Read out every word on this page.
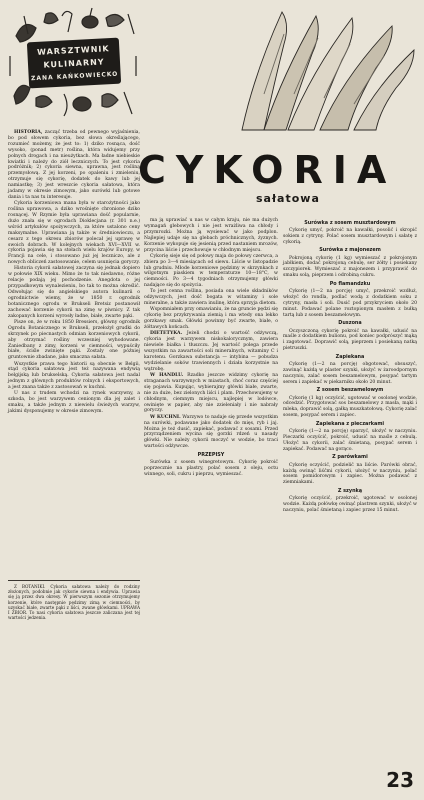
WARSZTWNIK
KULINARNY
ZANA KAŃKOWIECKO
CYKORIA
sałatowa

HISTORIA, zacząć trzeba od pewnego wyjaśnienia, bo pod słowem cykoria, bez słowa określającego, rozumieć możemy, że jest to: 1) dziko rosnąca, dość wysoko, (ponad metr) roślina, która widujemy przy polnych drogach i na nieużytkach. Ma ładne niebieskie kwiatki i należy do ziół leczniczych. To jest cykoria podróżnik; 2) cykoria siewna, uprawna, jest rośliną przemysłową. Z jej korzeni, po opaleniu i zmieleniu, otrzymuje się cykorię, dodatek do kawy lub jej namiastkę; 3) jest wreszcie cykoria sałatowa, która jadamy w okresie zimowym, jako surówki lub gotowe dania i ta nas tu interesuje.

Cykoria korzeniowa mana była w starożytności jako roślina uprawowa, a dziko wrośnięte chronione dziko rosnącej. W Rzymie była uprawiana dość popularnie, dużo znała się w ogrodach Dioklecjana (r. 301 n.e.) wśród artykułów spożywczych, za które ustalono ceny maksymalne. Uprawiana ją także w średniowieczu, a cesarz z tego okresu zbiorów polecał jej uprawę w swoich dobrach. W kolejnych wiekach XVI—XVII w. cykoria pojawia się na stołach wielu krajów Europy, w Francji na cele, i stosowano już jej leczniczo, ale z nowych obliczeń zastosowanie, celem usunięcia goryczy.

Historia cykorii sałatowej zaczyna się jednak dopiero w połowie XIX wieku. Mimo że to tak niedawno, różne relacje podają jej pochodzenie. Anegdota o jej przypadkowym wynalezieniu, bo tak to można określić. Odwołując się do angielskiego autora kulinarii o ogrodnictwie wiemy, że w 1850 r. ogrodnik botanicznego ogrodu w Brukseli Bretsiz postanowił zachować korzenie cykorii na zimę w piwnicy. Z tak zakopanych korzeni wyrosły ładne, białe, zwarte pąki.

Pisze on, że w roku 1850 Bressiers, główny ogrodnik Ogrodu Botanicznego w Brukseli, przełożył grudki do skrzynek po piecnastych odmian korzeniowych cykorii, aby otrzymać rośliny wczesniej wyhodowane. Zaniedbany z zimy, korzeni w ciemności, wypuściły białe, ściśle zwinięte pąki. Zostaly one później gruntownie zbadane, jako smaczna sałata.

Wszystkie prawa tego historii są obecnie w Belgii, stąd cykoria sałatowa jest też nazywana endywią belgijską lub brukselską. Cykoria sałatowa jest nadal jednym z głównych produktów rolnych i eksportowych, a jest znana także z zastosowań w kuchni.

U nas z trudem wchodzi na rynek warzywny, a szkoda, bo jest warzywem cenionym dla jej zalet i smaku, a także jednym z niewielu świeżych warzyw, jakimi dysponujemy w okresie zimowym.

Z BOTANIKI. Cykoria sałatowa należy do rodziny złożonych, podobnie jak cykorie siewna i endywia. Uprawia się ją przez dwa okresy. W pierwszym sezonie otrzymujemy korzenie, które następnie pędzimy zimą w ciemności, by uzyskać białe, zwarte pąki z liści, zwane główkami. UPRAWA I ZBIOR. To nasi cykoria sałatowa jeszcze zaliczana jest tej wartości jedzenia.

ma ją uprawiać u nas w całym kraju, nie ma dużych wymagań glebowych i nie jest wrażliwa na chłody i przymrozki. Można ją wysiewać w jako podplon. Najlepiej udaje się na glebach próchnicznych, żyznych. Korzenie wykopuje się jesienią przed nastaniem mrozów, przycina liście i przechowuje w chłodnym miejscu.

Cykorię sieje się od połowy maja do połowy czerwca, a zbiera po 3—4 miesiącach od siewu. Liście w listopadzie lub grudniu. Młode korzeniowe pędzimy w skrzynkach z wilgotnym piaskiem w temperaturze 10—18°C, w ciemności. Po 3—4 tygodniach otrzymujemy główki nadające się do spożycia.

To jest cenna roślina, posiada ona wiele składników odżywczych, jest dość bogata w witaminy i sole mineralne, a także zawiera inulinę, która sprzyja dietom.

Wspomniałem przy omawianiu, że na gruncie pędzi się cykorię bez przykrywania ziemią i ma wtedy ona lekko gorzkawy smak. Główki powinny być zwarte, białe, o żółtawych końcach.

DIETETYKA. Jeżeli chodzi o wartość odżywczą, cykoria jest warzywem niskokalorycznym, zawiera niewiele białka i tłuszczu. Jej wartość polega przede wszystkim na zawartości soli mineralnych, witaminy C i karotenu. Gorzkawa substancja — intybina — pobudza wydzielanie soków trawiennych i działa korzystnie na wątrobę.

W HANDLU. Rzadko jeszcze widzimy cykorię na straganach warzywnych w miastach, choć coraz częściej się pojawia. Kupując, wybierajmy główki białe, zwarte, nie za duże, bez zielonych liści i plam. Przechowujemy w chłodnym, ciemnym miejscu, najlepiej w lodówce, owinięte w papier, aby nie zzieleniały i nie nabrały goryczy.

W KUCHNI. Warzywo to nadaje się przede wszystkim na surówki, podawane jako dodatek do mięs, ryb i jaj. Można je też dusić, zapiekać, podawać z sosami. Przed przyrządzeniem wycina się gorzki rdzeń u nasady główki. Nie należy cykorii moczyć w wodzie, bo traci wartości odżywcze.

PRZEPISY

Surówka z sosem winegretowym. Cykorię pokroić poprzecznie na plastry, polać sosem z oleju, octu winnego, soli, cukru i pieprzu, wymieszać.

Surówka z sosem musztardowym

Cykorię umyć, pokroić na kawałki, posolić i skropić sokiem z cytryny. Polać sosem musztardowym i sałatę z cykorią.

Surówka z majonezem

Pokrojoną cykorię (1 kg) wymieszać z pokrojonym jabłkiem, dodać pokrojoną cebulę, ser żółty i posiekany szczypiorek. Wymieszać z majonezem i przyprawić do smaku solą, pieprzem i odrobiną cukru.

Po flamandzku

Cykorię (1—2 na porcję) umyć, przekroić wzdłuż, włożyć do rondla, podlać wodą z dodatkiem soku z cytryny, masła i soli. Dusić pod przykryciem około 20 minut. Podawać polane roztopionym masłem z bułką tartą lub z sosem beszamelowym.

Duszona

Oczyszczoną cykorię pokroić na kawałki, udusić na maśle z dodatkiem bulionu, pod koniec podprószyć mąką i zagotować. Doprawić solą, pieprzem i posiekaną natką pietruszki.

Zapiekana

Cykorię (1—2 na porcję) obgotować, obsuszyć, zawinąć każdą w plaster szynki, ułożyć w żaroodpornym naczyniu, zalać sosem beszamelowym, posypać tartym serem i zapiekać w piekarniku około 20 minut.

Z sosem beszamelowym

Cykorię (1 kg) oczyścić, ugotować w osolonej wodzie, odcedzić. Przygotować sos beszamelowy z masła, mąki i mleka, doprawić solą, gałką muszkatołową. Cykorię zalać sosem, posypać serem i zapiec.

Zapiekana z pieczarkami

Cykorię (1—2 na porcję) sparzyć, ułożyć w naczyniu. Pieczarki oczyścić, pokroić, udusić na maśle z cebulą. Ułożyć na cykorii, zalać śmietaną, posypać serem i zapiekać. Podawać na gorąco.

Z parówkami

Cykorię oczyścić, podzielić na liście. Parówki obrać, każdą owinąć liśćmi cykorii, ułożyć w naczyniu, polać sosem pomidorowym i zapiec. Można podawać z ziemniakami.

Z szynką

Cykorię oczyścić, przekroić, ugotować w osolonej wodzie. Każdą połówkę owinąć plastrem szynki, ułożyć w naczyniu, polać śmietaną i zapiec przez 15 minut.

23
